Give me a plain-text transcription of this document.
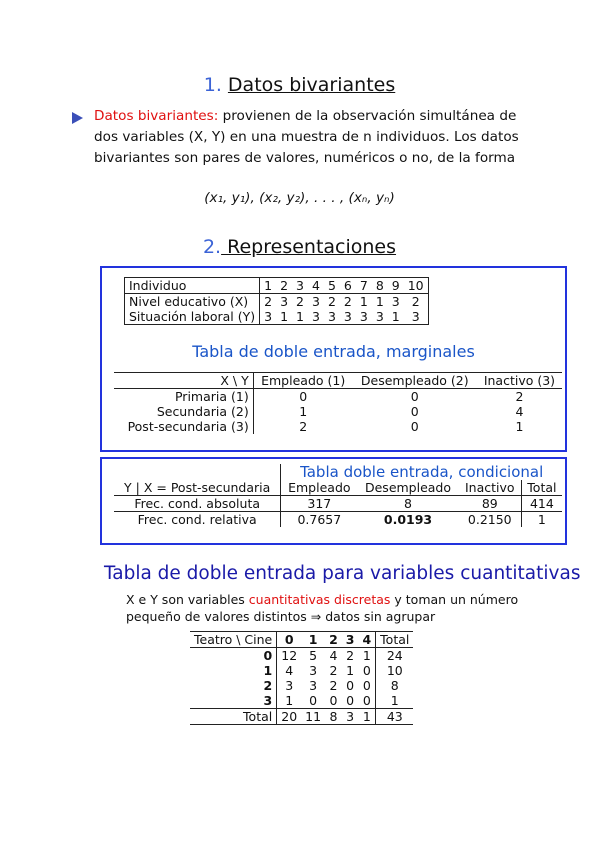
1. Datos bivariantes
Datos bivariantes: provienen de la observación simultánea de
dos variables (X, Y) en una muestra de n individuos. Los datos
bivariantes son pares de valores, numéricos o no, de la forma
(x₁, y₁), (x₂, y₂), . . . , (xₙ, yₙ)
2. Representaciones
Individuo	1	2	3	4	5	6	7	8	9	10
Nivel educativo (X)	2	3	2	3	2	2	1	1	3	2
Situación laboral (Y)	3	1	1	3	3	3	3	3	1	3
Tabla de doble entrada, marginales
X \ Y	Empleado (1)	Desempleado (2)	Inactivo (3)
Primaria (1)	0	0	2
Secundaria (2)	1	0	4
Post-secundaria (3)	2	0	1
Y | X = Post-secundaria	Tabla doble entrada, condicional			
	Empleado	Desempleado	Inactivo	Total
Frec. cond. absoluta	317	8	89	414
Frec. cond. relativa	0.7657	0.0193	0.2150	1
Tabla de doble entrada para variables cuantitativas
X e Y son variables cuantitativas discretas y toman un número
pequeño de valores distintos ⇒ datos sin agrupar
Teatro \ Cine	0	1	2	3	4	Total
0	12	5	4	2	1	24
1	4	3	2	1	0	10
2	3	3	2	0	0	8
3	1	0	0	0	0	1
Total	20	11	8	3	1	43
